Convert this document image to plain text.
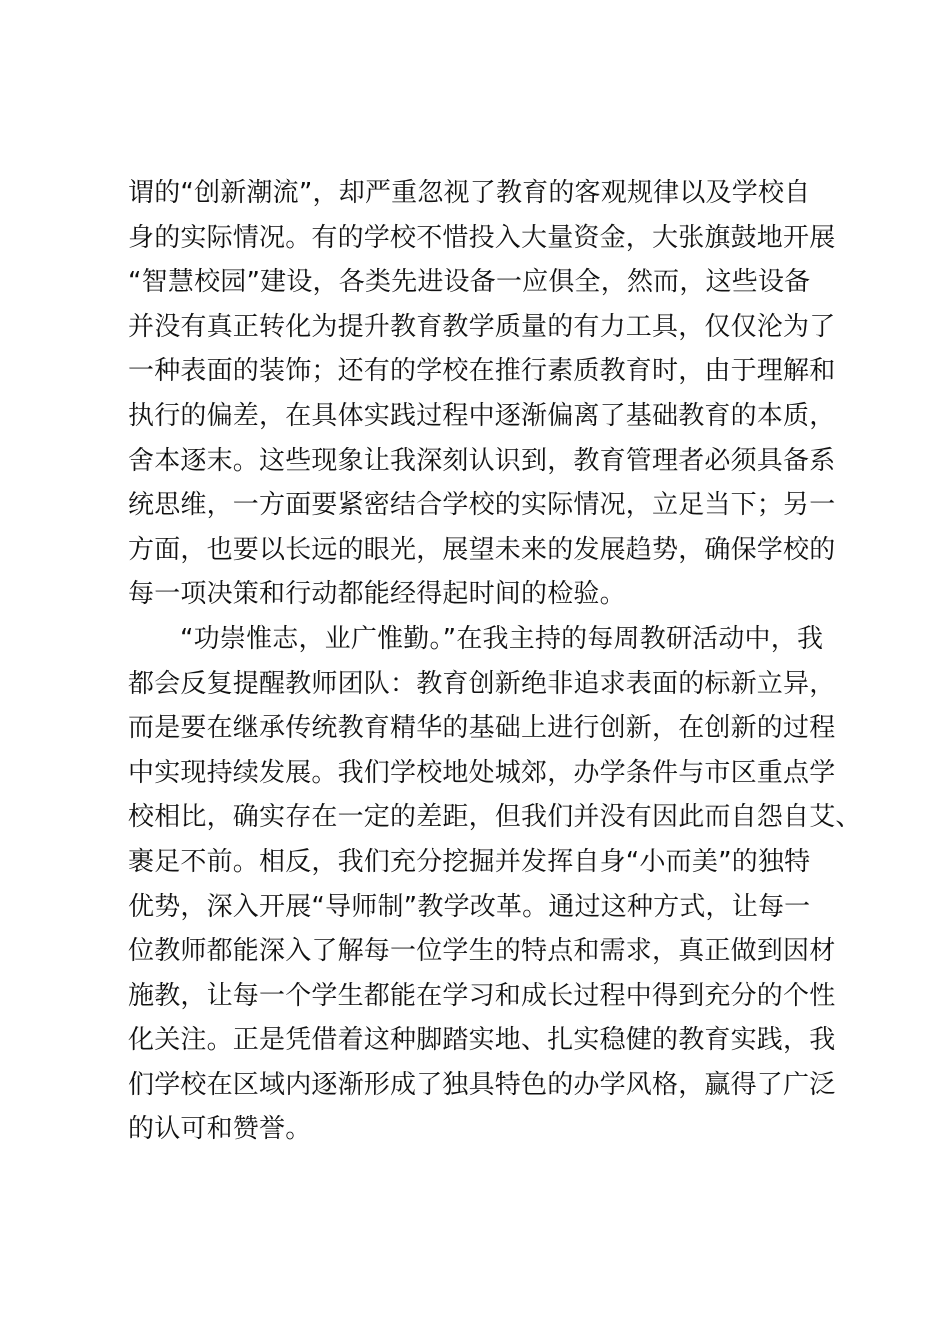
谓的“创新潮流”，却严重忽视了教育的客观规律以及学校自
身的实际情况。有的学校不惜投入大量资金，大张旗鼓地开展
“智慧校园”建设，各类先进设备一应俱全，然而，这些设备
并没有真正转化为提升教育教学质量的有力工具，仅仅沦为了
一种表面的装饰；还有的学校在推行素质教育时，由于理解和
执行的偏差，在具体实践过程中逐渐偏离了基础教育的本质，
舍本逐末。这些现象让我深刻认识到，教育管理者必须具备系
统思维，一方面要紧密结合学校的实际情况，立足当下；另一
方面，也要以长远的眼光，展望未来的发展趋势，确保学校的
每一项决策和行动都能经得起时间的检验。
“功崇惟志，业广惟勤。”在我主持的每周教研活动中，我
都会反复提醒教师团队：教育创新绝非追求表面的标新立异，
而是要在继承传统教育精华的基础上进行创新，在创新的过程
中实现持续发展。我们学校地处城郊，办学条件与市区重点学
校相比，确实存在一定的差距，但我们并没有因此而自怨自艾、
裹足不前。相反，我们充分挖掘并发挥自身“小而美”的独特
优势，深入开展“导师制”教学改革。通过这种方式，让每一
位教师都能深入了解每一位学生的特点和需求，真正做到因材
施教，让每一个学生都能在学习和成长过程中得到充分的个性
化关注。正是凭借着这种脚踏实地、扎实稳健的教育实践，我
们学校在区域内逐渐形成了独具特色的办学风格，赢得了广泛
的认可和赞誉。
